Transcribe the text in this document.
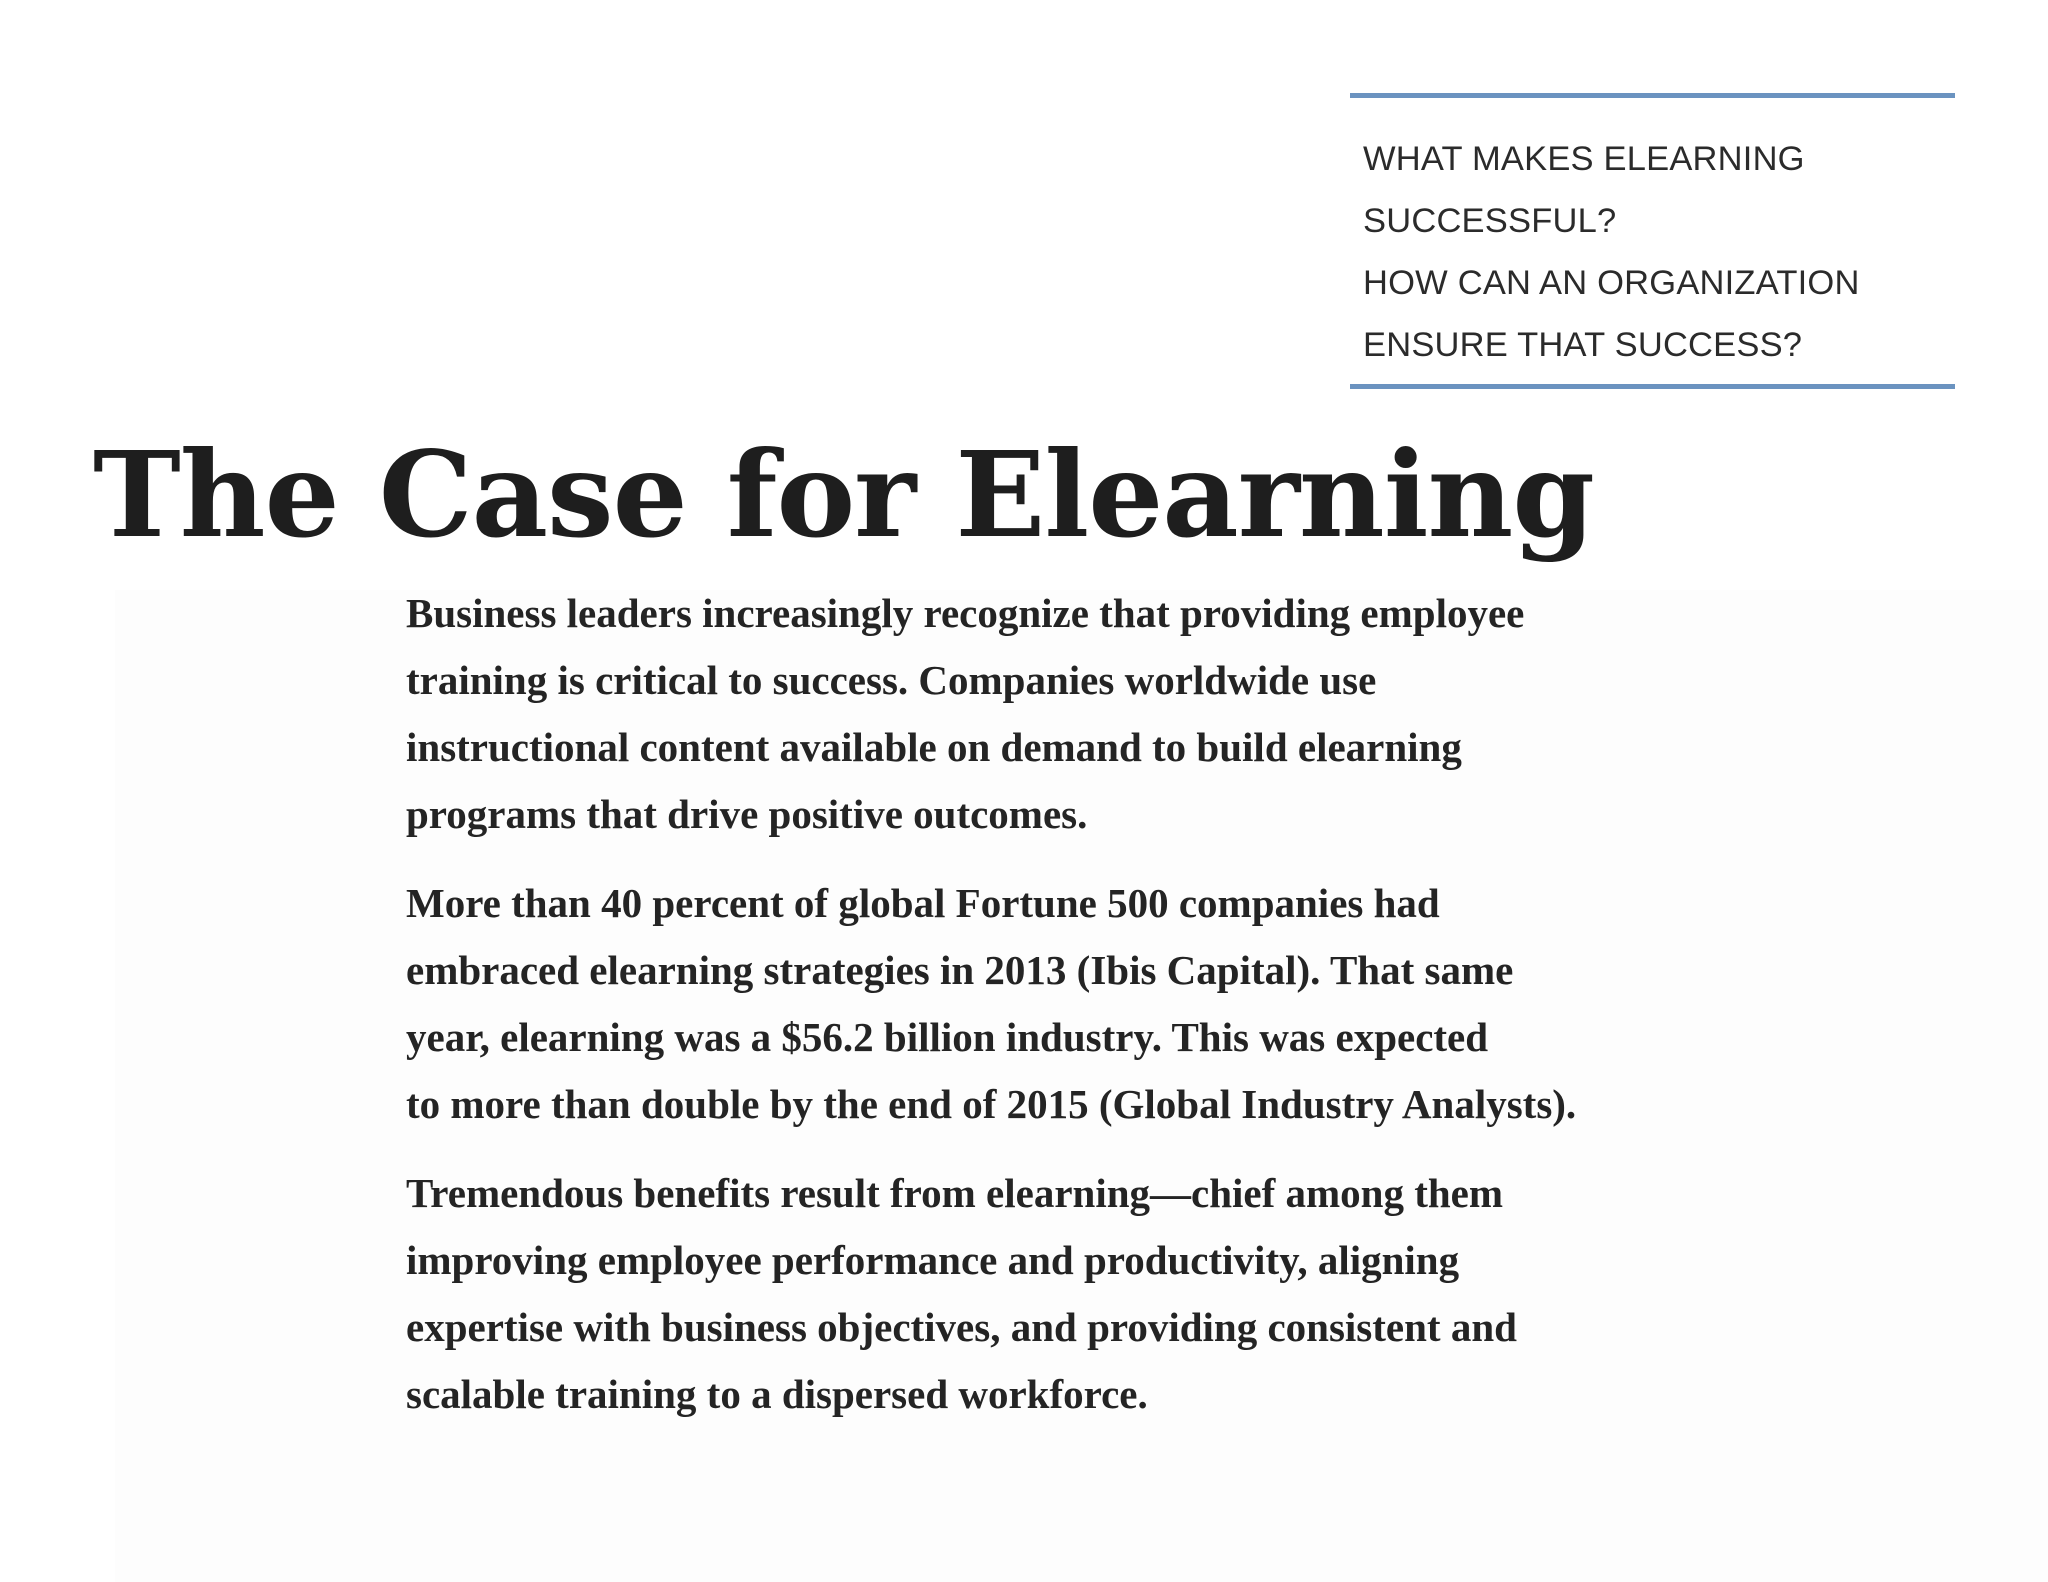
WHAT MAKES ELEARNING
SUCCESSFUL?
HOW CAN AN ORGANIZATION
ENSURE THAT SUCCESS?
The Case for Elearning

Business leaders increasingly recognize that providing employee
training is critical to success. Companies worldwide use
instructional content available on demand to build elearning
programs that drive positive outcomes.

More than 40 percent of global Fortune 500 companies had
embraced elearning strategies in 2013 (Ibis Capital). That same
year, elearning was a $56.2 billion industry. This was expected
to more than double by the end of 2015 (Global Industry Analysts).

Tremendous benefits result from elearning—chief among them
improving employee performance and productivity, aligning
expertise with business objectives, and providing consistent and
scalable training to a dispersed workforce.
